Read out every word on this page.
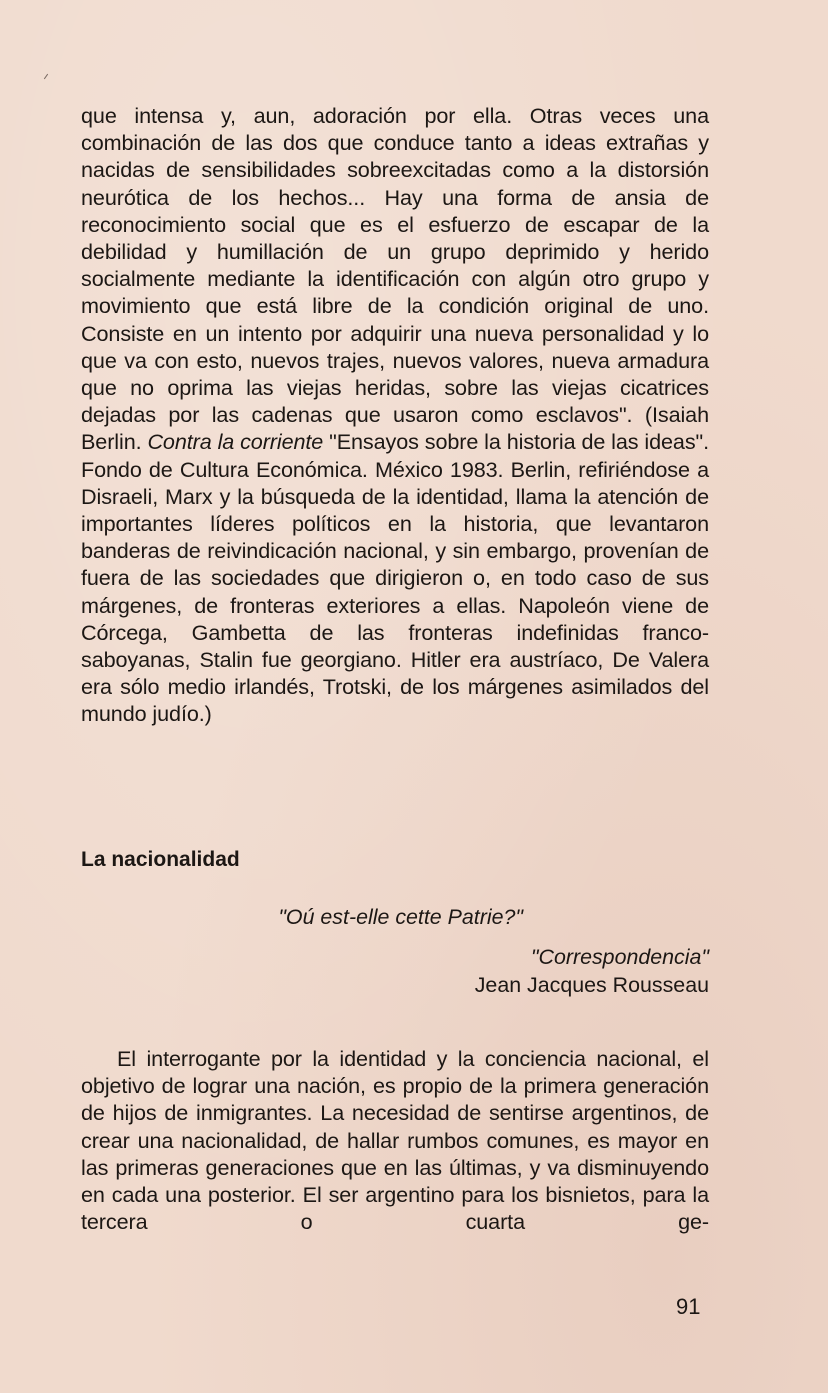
que intensa y, aun, adoración por ella. Otras veces una combinación de las dos que conduce tanto a ideas extrañas y nacidas de sensibilidades sobreexcitadas como a la distorsión neurótica de los hechos... Hay una forma de ansia de reconocimiento social que es el esfuerzo de escapar de la debilidad y humillación de un grupo deprimido y herido socialmente mediante la identificación con algún otro grupo y movimiento que está libre de la condición original de uno. Consiste en un intento por adquirir una nueva personalidad y lo que va con esto, nuevos trajes, nuevos valores, nueva armadura que no oprima las viejas heridas, sobre las viejas cicatrices dejadas por las cadenas que usaron como esclavos". (Isaiah Berlin. Contra la corriente "Ensayos sobre la historia de las ideas". Fondo de Cultura Económica. México 1983. Berlin, refiriéndose a Disraeli, Marx y la búsqueda de la identidad, llama la atención de importantes líderes políticos en la historia, que levantaron banderas de reivindicación nacional, y sin embargo, provenían de fuera de las sociedades que dirigieron o, en todo caso de sus márgenes, de fronteras exteriores a ellas. Napoleón viene de Córcega, Gambetta de las fronteras indefinidas franco-saboyanas, Stalin fue georgiano. Hitler era austríaco, De Valera era sólo medio irlandés, Trotski, de los márgenes asimilados del mundo judío.)

La nacionalidad
"Oú est-elle cette Patrie?"
"Correspondencia"
Jean Jacques Rousseau

El interrogante por la identidad y la conciencia nacional, el objetivo de lograr una nación, es propio de la primera generación de hijos de inmigrantes. La necesidad de sentirse argentinos, de crear una nacionalidad, de hallar rumbos comunes, es mayor en las primeras generaciones que en las últimas, y va disminuyendo en cada una posterior. El ser argentino para los bisnietos, para la tercera o cuarta ge-

91
